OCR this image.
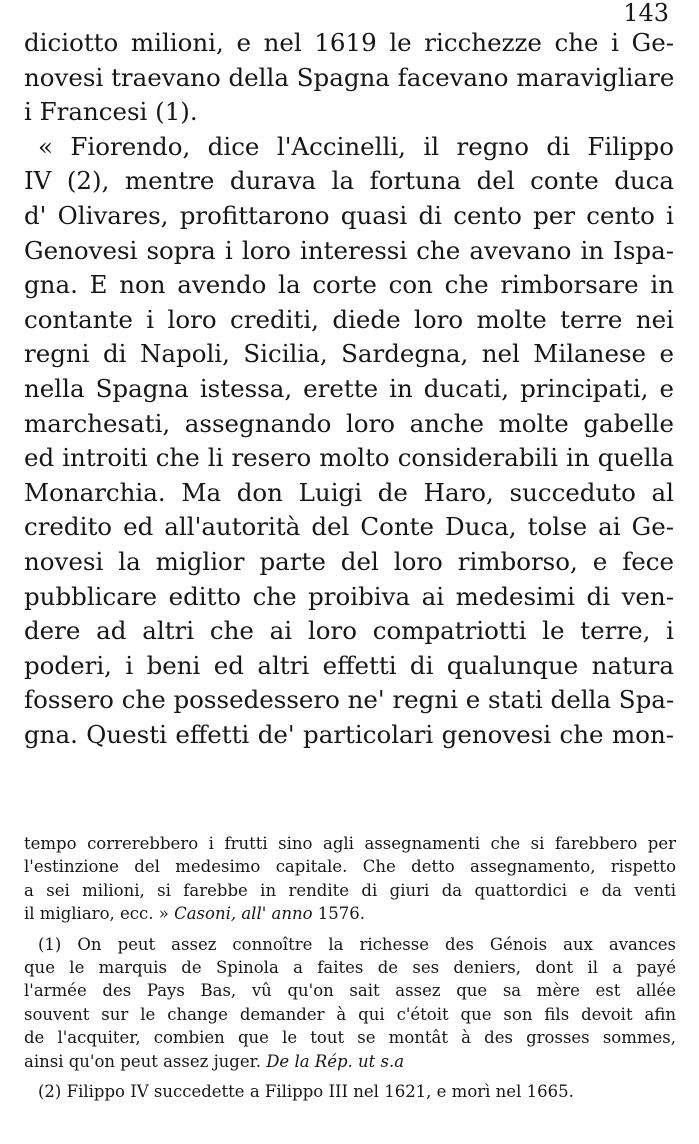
143
diciotto milioni, e nel 1619 le ricchezze che i Ge-
novesi traevano della Spagna facevano maravigliare
i Francesi (1).
« Fiorendo, dice l'Accinelli, il regno di Filippo
IV (2), mentre durava la fortuna del conte duca
d' Olivares, profittarono quasi di cento per cento i
Genovesi sopra i loro interessi che avevano in Ispa-
gna. E non avendo la corte con che rimborsare in
contante i loro crediti, diede loro molte terre nei
regni di Napoli, Sicilia, Sardegna, nel Milanese e
nella Spagna istessa, erette in ducati, principati, e
marchesati, assegnando loro anche molte gabelle
ed introiti che li resero molto considerabili in quella
Monarchia. Ma don Luigi de Haro, succeduto al
credito ed all'autorità del Conte Duca, tolse ai Ge-
novesi la miglior parte del loro rimborso, e fece
pubblicare editto che proibiva ai medesimi di ven-
dere ad altri che ai loro compatriotti le terre, i
poderi, i beni ed altri effetti di qualunque natura
fossero che possedessero ne' regni e stati della Spa-
gna. Questi effetti de' particolari genovesi che mon-
tempo correrebbero i frutti sino agli assegnamenti che si farebbero per
l'estinzione del medesimo capitale. Che detto assegnamento, rispetto
a sei milioni, si farebbe in rendite di giuri da quattordici e da venti
il migliaro, ecc. » Casoni, all' anno 1576.
(1) On peut assez connoître la richesse des Génois aux avances
que le marquis de Spinola a faites de ses deniers, dont il a payé
l'armée des Pays Bas, vû qu'on sait assez que sa mère est allée
souvent sur le change demander à qui c'étoit que son fils devoit afin
de l'acquiter, combien que le tout se montât à des grosses sommes,
ainsi qu'on peut assez juger. De la Rép. ut s.a
(2) Filippo IV succedette a Filippo III nel 1621, e morì nel 1665.
